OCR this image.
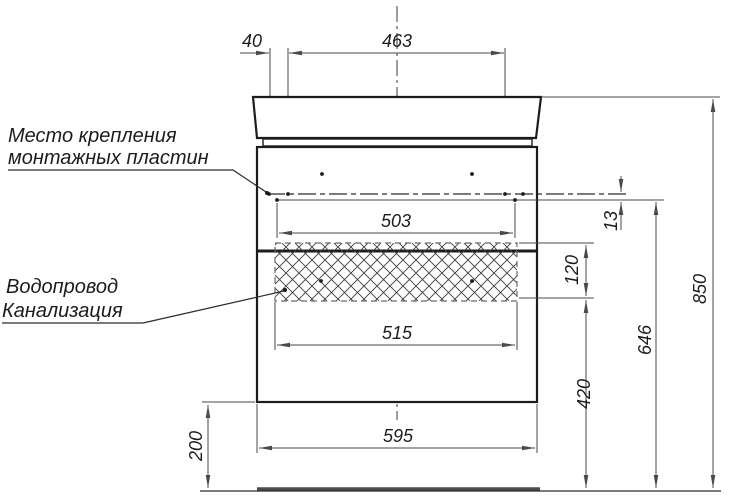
40	463
503
515
595
200
120
420
13
646
850
Место крепления
монтажных пластин
Водопровод
Канализация
